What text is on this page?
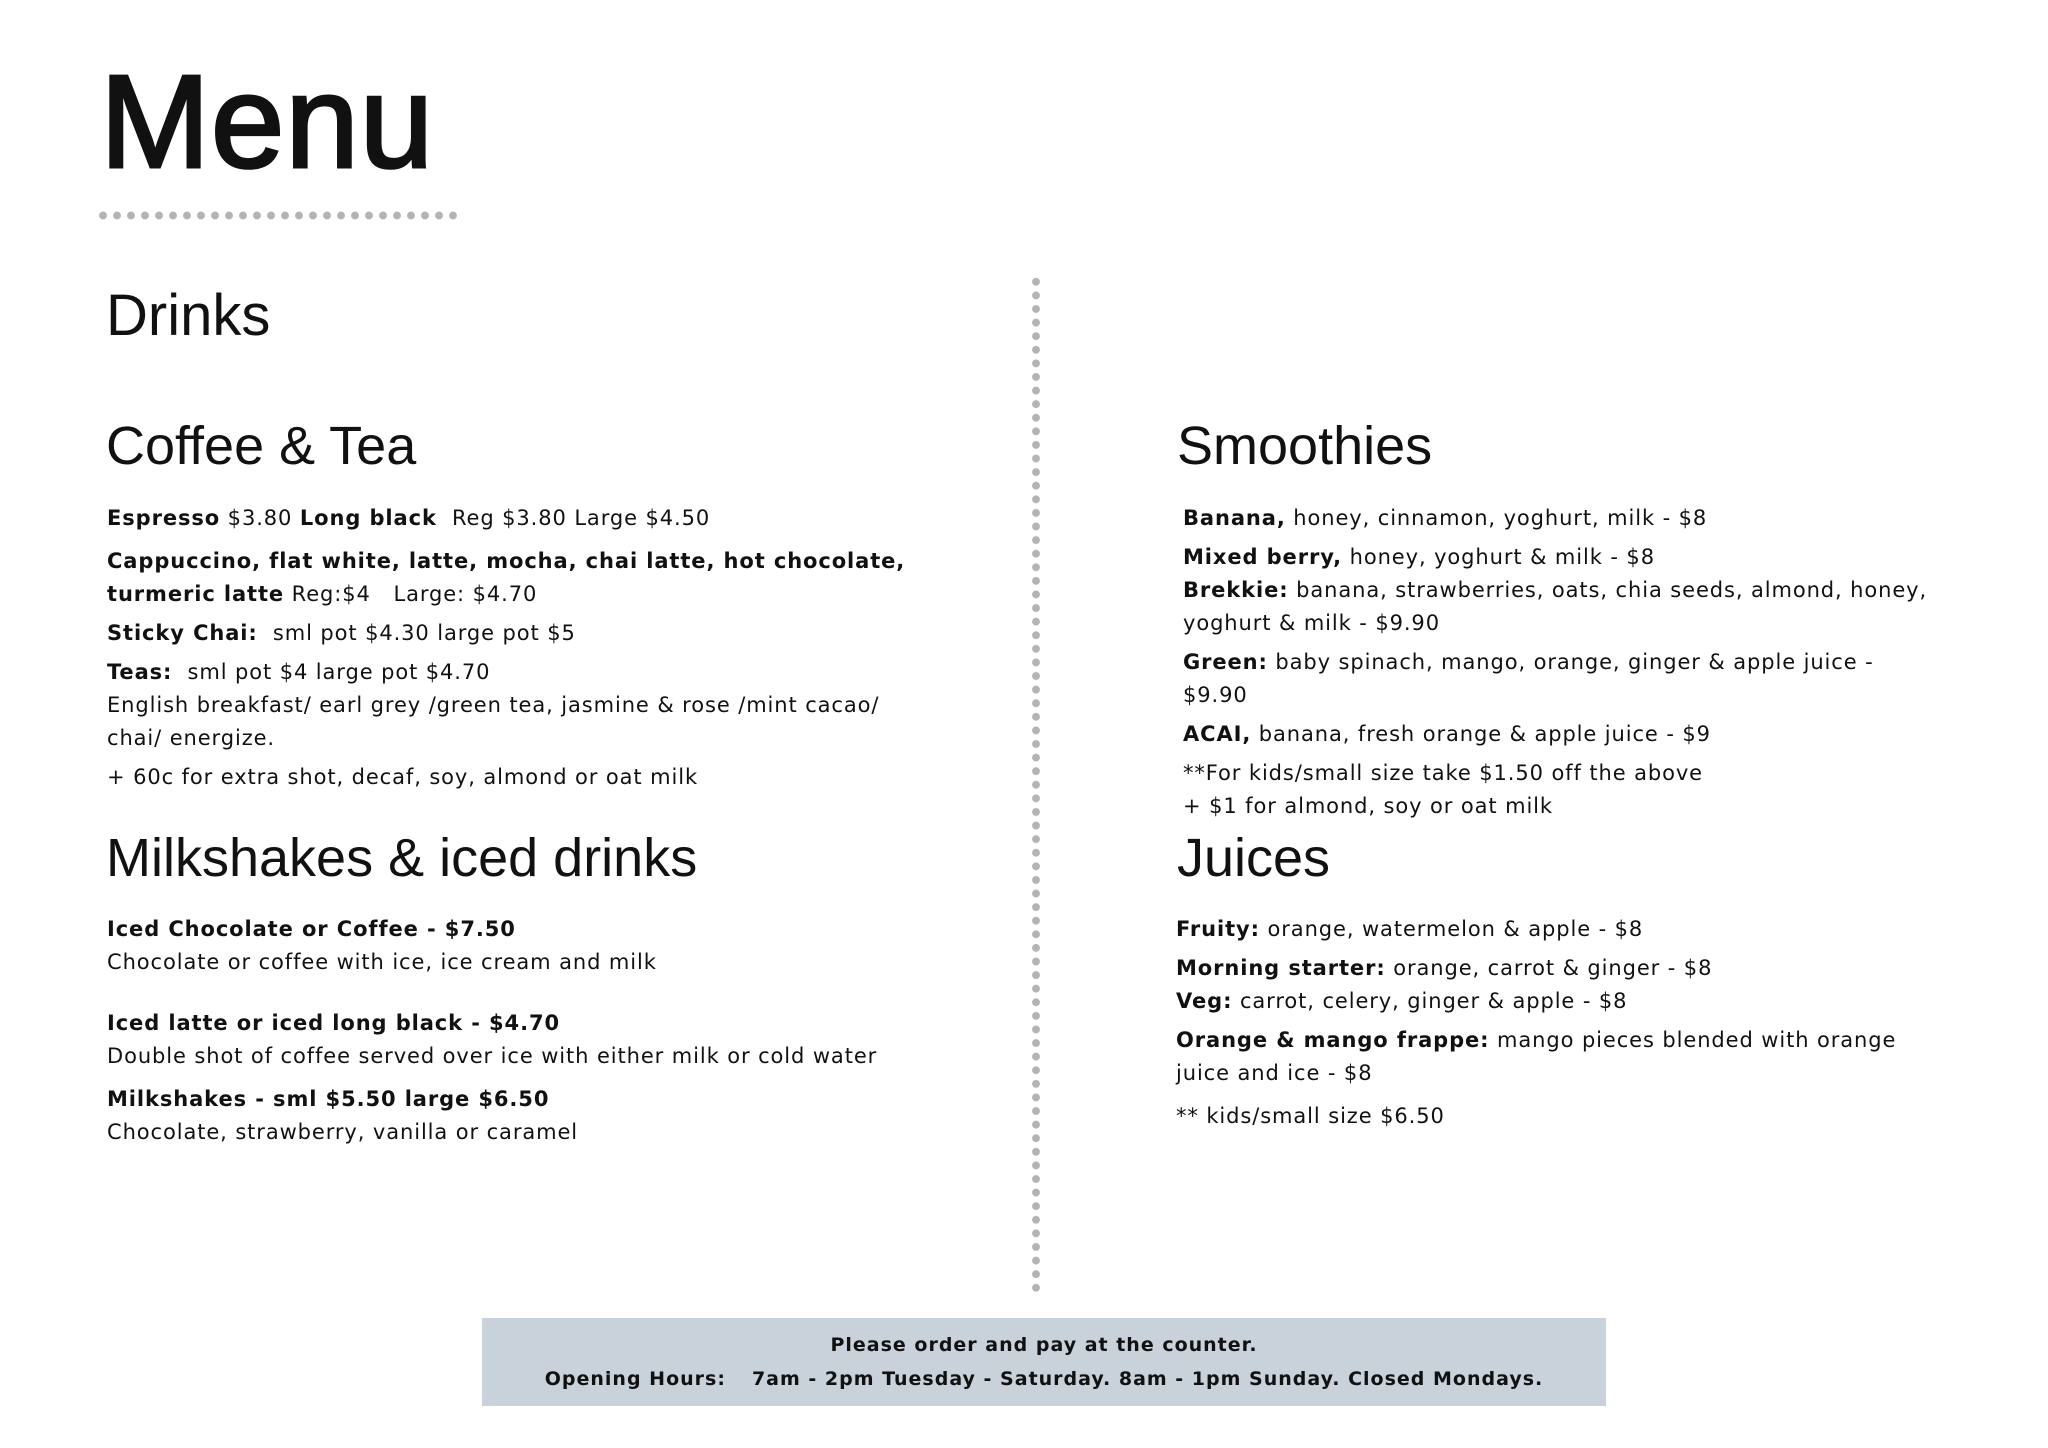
Menu
Drinks
Coffee & Tea

Espresso $3.80 Long black  Reg $3.80 Large $4.50

Cappuccino, flat white, latte, mocha, chai latte, hot chocolate, turmeric latte Reg:$4   Large: $4.70

Sticky Chai:  sml pot $4.30 large pot $5

Teas:  sml pot $4 large pot $4.70

English breakfast/ earl grey /green tea, jasmine & rose /mint cacao/ chai/ energize.

+ 60c for extra shot, decaf, soy, almond or oat milk

Milkshakes & iced drinks

Iced Chocolate or Coffee - $7.50

Chocolate or coffee with ice, ice cream and milk

Iced latte or iced long black - $4.70

Double shot of coffee served over ice with either milk or cold water

Milkshakes - sml $5.50 large $6.50

Chocolate, strawberry, vanilla or caramel

Smoothies

Banana, honey, cinnamon, yoghurt, milk - $8

Mixed berry, honey, yoghurt & milk - $8

Brekkie: banana, strawberries, oats, chia seeds, almond, honey, yoghurt & milk - $9.90

Green: baby spinach, mango, orange, ginger & apple juice - $9.90

ACAI, banana, fresh orange & apple juice - $9

**For kids/small size take $1.50 off the above

+ $1 for almond, soy or oat milk

Juices

Fruity: orange, watermelon & apple - $8

Morning starter: orange, carrot & ginger - $8

Veg: carrot, celery, ginger & apple - $8

Orange & mango frappe: mango pieces blended with orange juice and ice - $8

** kids/small size $6.50

Please order and pay at the counter.

Opening Hours: 7am - 2pm Tuesday - Saturday. 8am - 1pm Sunday. Closed Mondays.
